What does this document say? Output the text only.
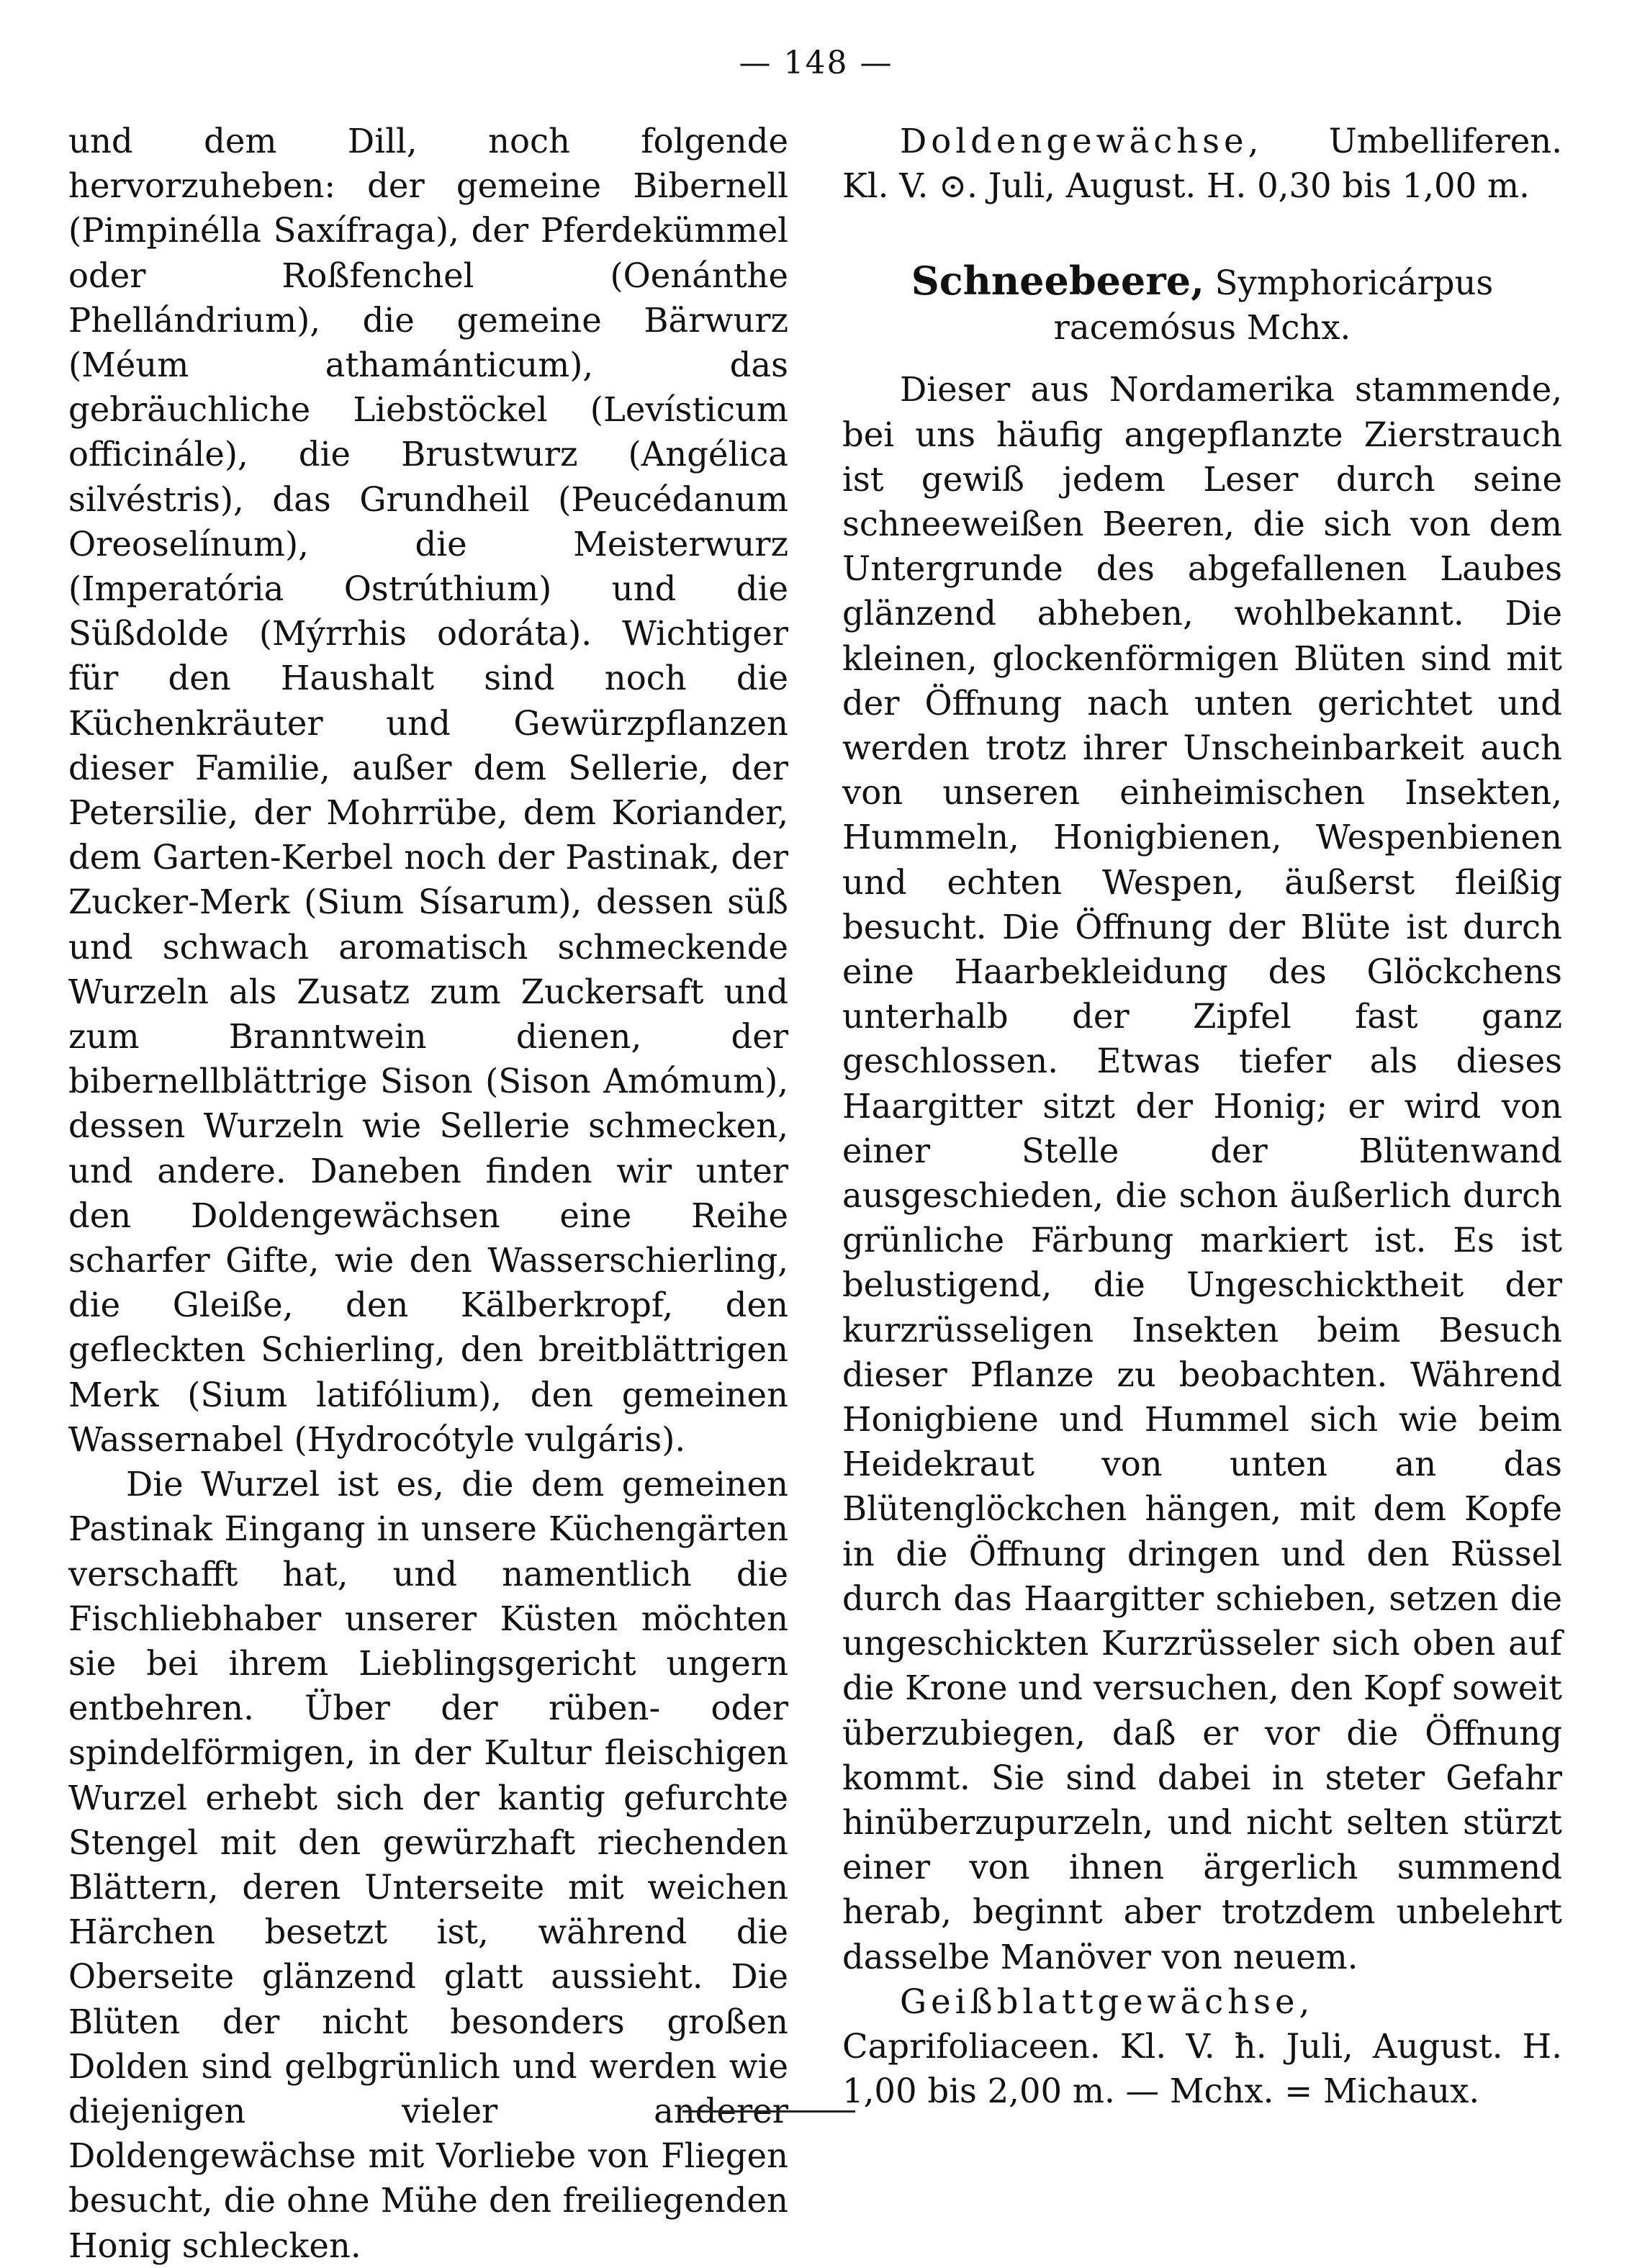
— 148 —

und dem Dill, noch folgende hervorzuheben: der gemeine Bibernell (Pimpinélla Saxífraga), der Pferdekümmel oder Roßfenchel (Oenánthe Phellándrium), die gemeine Bärwurz (Méum athamánticum), das gebräuchliche Liebstöckel (Levísticum officinále), die Brustwurz (Angélica silvéstris), das Grundheil (Peucédanum Oreoselínum), die Meisterwurz (Imperatória Ostrúthium) und die Süßdolde (Mýrrhis odoráta). Wichtiger für den Haushalt sind noch die Küchenkräuter und Gewürzpflanzen dieser Familie, außer dem Sellerie, der Petersilie, der Mohrrübe, dem Koriander, dem Garten-Kerbel noch der Pastinak, der Zucker-Merk (Sium Sísarum), dessen süß und schwach aromatisch schmeckende Wurzeln als Zusatz zum Zuckersaft und zum Branntwein dienen, der bibernellblättrige Sison (Sison Amómum), dessen Wurzeln wie Sellerie schmecken, und andere. Daneben finden wir unter den Doldengewächsen eine Reihe scharfer Gifte, wie den Wasserschierling, die Gleiße, den Kälberkropf, den gefleckten Schierling, den breitblättrigen Merk (Sium latifólium), den gemeinen Wassernabel (Hydrocótyle vulgáris).

Die Wurzel ist es, die dem gemeinen Pastinak Eingang in unsere Küchengärten verschafft hat, und namentlich die Fischliebhaber unserer Küsten möchten sie bei ihrem Lieblingsgericht ungern entbehren. Über der rüben- oder spindelförmigen, in der Kultur fleischigen Wurzel erhebt sich der kantig gefurchte Stengel mit den gewürzhaft riechenden Blättern, deren Unterseite mit weichen Härchen besetzt ist, während die Oberseite glänzend glatt aussieht. Die Blüten der nicht besonders großen Dolden sind gelbgrünlich und werden wie diejenigen vieler anderer Doldengewächse mit Vorliebe von Fliegen besucht, die ohne Mühe den freiliegenden Honig schlecken.

Doldengewächse, Umbelliferen. Kl. V. ⊙. Juli, August. H. 0,30 bis 1,00 m.

Schneebeere, Symphoricárpus racemósus Mchx.

Dieser aus Nordamerika stammende, bei uns häufig angepflanzte Zierstrauch ist gewiß jedem Leser durch seine schneeweißen Beeren, die sich von dem Untergrunde des abgefallenen Laubes glänzend abheben, wohlbekannt. Die kleinen, glockenförmigen Blüten sind mit der Öffnung nach unten gerichtet und werden trotz ihrer Unscheinbarkeit auch von unseren einheimischen Insekten, Hummeln, Honigbienen, Wespenbienen und echten Wespen, äußerst fleißig besucht. Die Öffnung der Blüte ist durch eine Haarbekleidung des Glöckchens unterhalb der Zipfel fast ganz geschlossen. Etwas tiefer als dieses Haargitter sitzt der Honig; er wird von einer Stelle der Blütenwand ausgeschieden, die schon äußerlich durch grünliche Färbung markiert ist. Es ist belustigend, die Ungeschicktheit der kurzrüsseligen Insekten beim Besuch dieser Pflanze zu beobachten. Während Honigbiene und Hummel sich wie beim Heidekraut von unten an das Blütenglöckchen hängen, mit dem Kopfe in die Öffnung dringen und den Rüssel durch das Haargitter schieben, setzen die ungeschickten Kurzrüsseler sich oben auf die Krone und versuchen, den Kopf soweit überzubiegen, daß er vor die Öffnung kommt. Sie sind dabei in steter Gefahr hinüberzupurzeln, und nicht selten stürzt einer von ihnen ärgerlich summend herab, beginnt aber trotzdem unbelehrt dasselbe Manöver von neuem.

Geißblattgewächse, Caprifoliaceen. Kl. V. ħ. Juli, August. H. 1,00 bis 2,00 m. — Mchx. = Michaux.
